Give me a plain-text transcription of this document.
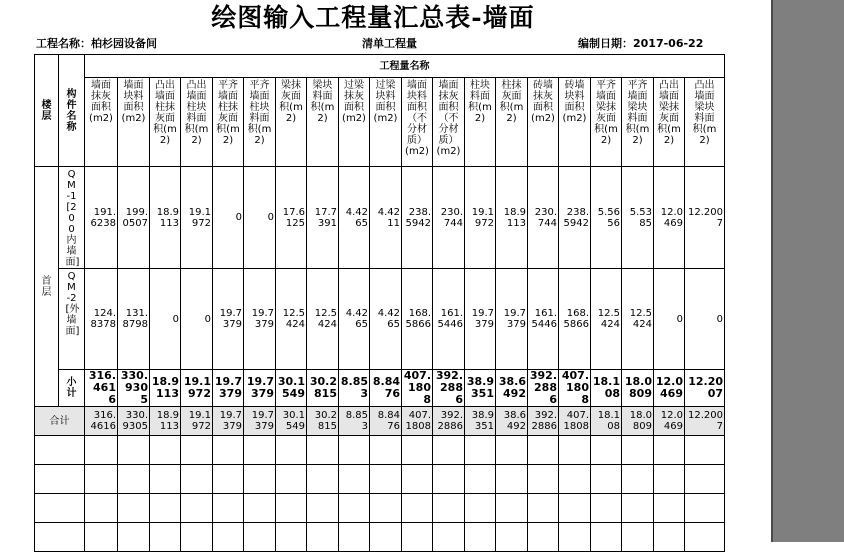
绘图输入工程量汇总表-墙面
工程名称：柏杉园设备间	清单工程量	编制日期：2017-06-22
楼层	构件名称	工程量名称																			

		墙面抹灰面积(m2)	墙面块料面积(m2)	凸出墙面柱抹灰面积(m2)	凸出墙面柱块料面积(m2)	平齐墙面柱抹灰面积(m2)	平齐墙面柱块料面积(m2)	梁抹灰面积(m2)	梁块料面积(m2)	过梁抹灰面积(m2)	过梁块料面积(m2)	墙面块料面积（不分材质）(m2)	墙面抹灰面积（不分材质）(m2)	柱块料面积(m2)	柱抹灰面积(m2)	砖墙抹灰面积(m2)	砖墙块料面积(m2)	平齐墙面梁抹灰面积(m2)	平齐墙面梁块料面积(m2)	凸出墙面梁抹灰面积(m2)	凸出墙面梁块料面积(m2)

首层	QM-1[200内墙面]	191.6238	199.0507	18.9113	19.1972	0	0	17.6125	17.7391	4.4265	4.4211	238.5942	230.744	19.1972	18.9113	230.744	238.5942	5.5656	5.5385	12.0469	12.2007

	QM-2[外墙面]	124.8378	131.8798	0	0	19.7379	19.7379	12.5424	12.5424	4.4265	4.4265	168.5866	161.5446	19.7379	19.7379	161.5446	168.5866	12.5424	12.5424	0	0

	小计	316.4616	330.9305	18.9113	19.1972	19.7379	19.7379	30.1549	30.2815	8.853	8.8476	407.1808	392.2886	38.9351	38.6492	392.2886	407.1808	18.108	18.0809	12.0469	12.2007

合计		316.4616	330.9305	18.9113	19.1972	19.7379	19.7379	30.1549	30.2815	8.853	8.8476	407.1808	392.2886	38.9351	38.6492	392.2886	407.1808	18.108	18.0809	12.0469	12.2007
